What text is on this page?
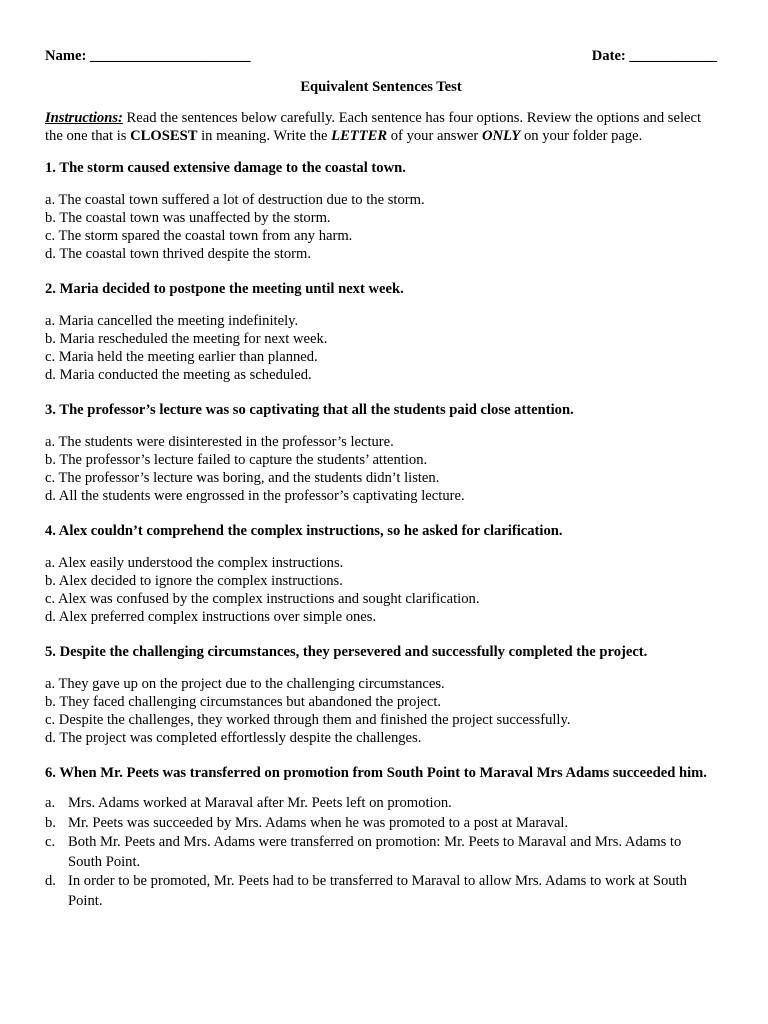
Name: ______________________	Date: ____________
Equivalent Sentences Test
Instructions: Read the sentences below carefully. Each sentence has four options. Review the options and select the one that is CLOSEST in meaning. Write the LETTER of your answer ONLY on your folder page.
1. The storm caused extensive damage to the coastal town.
a. The coastal town suffered a lot of destruction due to the storm.
b. The coastal town was unaffected by the storm.
c. The storm spared the coastal town from any harm.
d. The coastal town thrived despite the storm.
2. Maria decided to postpone the meeting until next week.
a. Maria cancelled the meeting indefinitely.
b. Maria rescheduled the meeting for next week.
c. Maria held the meeting earlier than planned.
d. Maria conducted the meeting as scheduled.
3. The professor’s lecture was so captivating that all the students paid close attention.
a. The students were disinterested in the professor’s lecture.
b. The professor’s lecture failed to capture the students’ attention.
c. The professor’s lecture was boring, and the students didn’t listen.
d. All the students were engrossed in the professor’s captivating lecture.
4. Alex couldn’t comprehend the complex instructions, so he asked for clarification.
a. Alex easily understood the complex instructions.
b. Alex decided to ignore the complex instructions.
c. Alex was confused by the complex instructions and sought clarification.
d. Alex preferred complex instructions over simple ones.
5. Despite the challenging circumstances, they persevered and successfully completed the project.
a. They gave up on the project due to the challenging circumstances.
b. They faced challenging circumstances but abandoned the project.
c. Despite the challenges, they worked through them and finished the project successfully.
d. The project was completed effortlessly despite the challenges.
6. When Mr. Peets was transferred on promotion from South Point to Maraval Mrs Adams succeeded him.
a. Mrs. Adams worked at Maraval after Mr. Peets left on promotion.
b. Mr. Peets was succeeded by Mrs. Adams when he was promoted to a post at Maraval.
c. Both Mr. Peets and Mrs. Adams were transferred on promotion: Mr. Peets to Maraval and Mrs. Adams to South Point.
d. In order to be promoted, Mr. Peets had to be transferred to Maraval to allow Mrs. Adams to work at South Point.
